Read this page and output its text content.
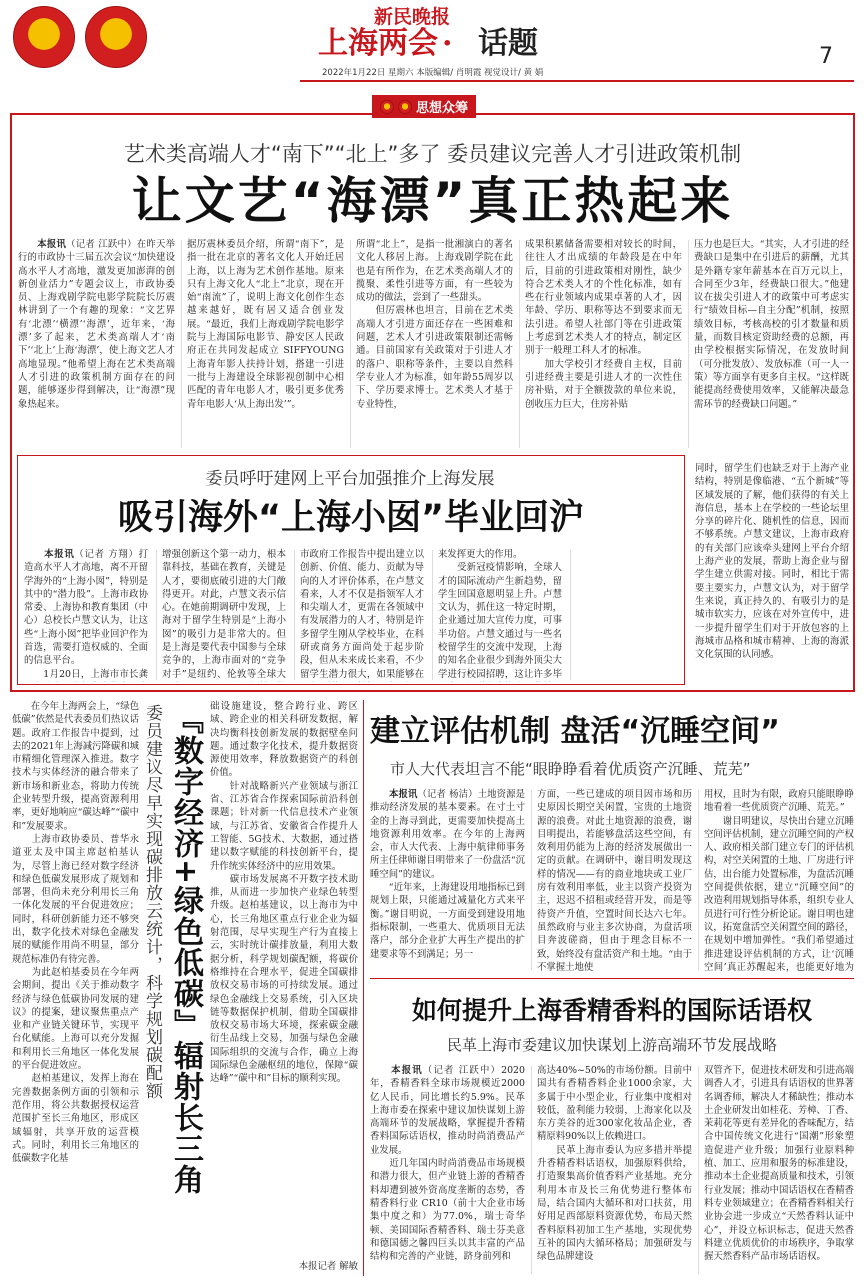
新民晚报
上海两会 · 话题	7
2022年1月22日 星期六 本版编辑/ 肖明霞 视觉设计/ 黄 娟
思想众筹
艺术类高端人才“南下”“北上”多了 委员建议完善人才引进政策机制
让文艺“海漂”真正热起来
　　本报讯（记者 江跃中）在昨天举行的市政协十三届五次会议“加快建设高水平人才高地，激发更加澎湃的创新创业活力”专题会议上，市政协委员、上海戏剧学院电影学院院长厉震林讲到了一个有趣的现象：“文艺界有‘北漂’‘横漂’‘海漂’，近年来，‘海漂’多了起来，艺术类高端人才‘南下’‘北上’上海‘海漂’，使上海文艺人才高地显现。”他希望上海在艺术类高端人才引进的政策机制方面存在的问题，能够逐步得到解决，让“海漂”现象热起来。
据厉震林委员介绍，所谓“南下”，是指一批在北京的著名文化人开始迁居上海，以上海为艺术创作基地。原来只有上海文化人“北上”北京，现在开始“南流”了，说明上海文化创作生态越来越好，既有居又适合创业发展。“最近，我们上海戏剧学院电影学院与上海国际电影节、静安区人民政府正在共同发起成立 SIFFYOUNG 上海青年影人扶持计划，搭建一引进一批与上海建设全球影视创制中心相匹配的青年电影人才，吸引更多优秀青年电影人‘从上海出发’”。
所谓“北上”，是指一批湘演白的著名文化人移居上海。上海戏剧学院在此也是有所作为，在艺术类高端人才的揽聚、柔性引进等方面，有一些较为成功的做法，尝到了一些甜头。
　　但厉震林也坦言，目前在艺术类高端人才引进方面还存在一些困难和问题，艺术人才引进政策限制还需畅通。目前国家有关政策对于引进人才的落户、职称等条件，主要以自然科学专业人才为标准，如年龄55周岁以下、学历要求博士。艺术类人才基于专业特性，
成果积累储备需要相对较长的时间，往往人才出成绩的年龄段是在中年后，目前的引进政策相对刚性，缺少符合艺术类人才的个性化标准，如有些在行业领域内成果卓著的人才，因年龄、学历、职称等达不到要求而无法引进。希望人社部门等在引进政策上考虑到艺术类人才的特点，制定区别于一般理工科人才的标准。
　　加大学校引才经费自主权，目前引进经费主要是引进人才的一次性住房补贴，对于全额拨款的单位来说，创收压力巨大，住房补贴
压力也是巨大。“其实，人才引进的经费缺口是集中在引进后的薪酬，尤其是外籍专家年薪基本在百万元以上，合同至少3年，经费缺口很大。”他建议在拔尖引进人才的政策中可考虑实行“绩效目标—自主分配”机制，按照绩效目标，考核高校的引才数量和质量，而数目核定资助经费的总额，再由学校根据实际情况，在发放时间（可分批发放）、发放标准（可一人一策）等方面享有更多自主权。“这样既能提高经费使用效率，又能解决最急需环节的经费缺口问题。”
委员呼吁建网上平台加强推介上海发展
吸引海外“上海小囡”毕业回沪
　　本报讯（记者 方翔）打造高水平人才高地，离不开留学海外的“上海小囡”，特别是其中的“潜力股”。上海市政协常委、上海协和教育集团（中心）总校长卢慧文认为，让这些“上海小囡”把毕业回沪作为首选，需要打造权威的、全面的信息平台。
　　1月20日，上海市市长龚
增强创新这个第一动力，根本靠科技，基础在教育，关键是人才，要彻底破引进的大门敞得更开。对此，卢慧文表示信心。在她前期调研中发现，上海对于留学生特别是“上海小囡”的吸引力是非常大的。但是上海是要代表中国参与全球竞争的，上海市面对的“竞争对手”是纽约、伦敦等全球大
市政府工作报告中提出建立以创新、价值、能力、贡献为导向的人才评价体系，在卢慧文看来，人才不仅是指领军人才和尖端人才，更需在各领域中有发展潜力的人才，特别是许多留学生刚从学校毕业，在科研或商务方面尚处于起步阶段，但从未来成长来看，不少留学生潜力很大，如果能够在
来发挥更大的作用。
　　受新冠疫情影响，全球人才的国际流动产生新趋势，留学生回国意愿明显上升。卢慧文认为，抓住这一特定时期，企业通过加大宣传力度，可事半功倍。卢慧文通过与一些名校留学生的交流中发现，上海的知名企业很少到海外顶尖大学进行校园招聘，这让许多毕
同时，留学生们也缺乏对于上海产业结构，特别是像临港、“五个新城”等区域发展的了解，他们获得的有关上海信息，基本上在学校的一些论坛里分享的碎片化、随机性的信息，因而不够系统。卢慧文建议，上海市政府的有关部门应该牵头建网上平台介绍上海产业的发展，帮助上海企业与留学生建立供需对接。同时，相比于需要主要实力，卢慧文认为，对于留学生来说，真正持久的、有吸引力的是城市软实力，应该在对外宣传中，进一步提升留学生们对于开放包容的上海城市品格和城市精神、上海的海派文化氛围的认同感。
　　在今年上海两会上，“绿色低碳”依然是代表委员们热议话题。政府工作报告中提到，过去的2021年上海减污降碳和城市精细化管理深入推进。数字技术与实体经济的融合带来了新市场和新业态，将助力传统企业转型升级，提高资源利用率，更好地响应“碳达峰”“碳中和”发展要求。
　　上海市政协委员、普华永道亚太及中国主席赵柏基认为，尽管上海已经对数字经济和绿色低碳发展形成了规划和部署，但尚未充分利用长三角一体化发展的平台促进效应；同时，科研创新能力还不够突出，数字化技术对绿色金融发展的赋能作用尚不明显，部分规范标准仍有待完善。
　　为此赵柏基委员在今年两会期间，提出《关于推动数字经济与绿色低碳协同发展的建议》的提案，建议聚焦重点产业和产业链关键环节，实现平台化赋能。上海可以充分发掘和利用长三角地区一体化发展的平台促进效应。
　　赵柏基建议，发挥上海在完善数据条例方面的引领和示范作用，将公共数据授权运营范围扩至长三角地区，形成区域辐射，共享开放的运营模式。同时，利用长三角地区的低碳数字化基
委员建议尽早实现碳排放云统计，科学规划碳配额 『数字经济+绿色低碳』辐射长三角 础设施建设，整合跨行业、跨区域、跨企业的相关科研发数据，解决均衡科技创新发展的数据壁垒问题。通过数字化技术，提升数据资源使用效率，释放数据资产的科创价值。
　　针对战略新兴产业领域与浙江省、江苏省合作探索国际前沿科创课题；针对新一代信息技术产业领域，与江苏省、安徽省合作提升人工智能、5G技术、大数据，通过搭建以数字赋能的科技创新平台，提升作统实体经济中的应用效果。
　　碳市场发展离不开数字技术助推，从而进一步加快产业绿色转型升级。赵柏基建议，以上海市为中心，长三角地区重点行业企业为辐射范围，尽早实现生产行为直接上云，实时统计碳排放量，利用大数据分析，科学规划碳配额，将碳价格维持在合理水平，促进全国碳排放权交易市场的可持续发展。通过绿色金融线上交易系统，引入区块链等数据保护机制，借助全国碳排放权交易市场大环境，探索碳金融衍生品线上交易，加强与绿色金融国际组织的交流与合作，确立上海国际绿色金融枢纽的地位，保障“碳达峰”“碳中和”目标的顺利实现。
本报记者 解敏
建立评估机制 盘活“沉睡空间”
市人大代表坦言不能“眼睁睁看着优质资产沉睡、荒芜”
　　本报讯（记者 杨洁）土地资源是推动经济发展的基本要素。在寸土寸金的上海寻到此，更需要加快提高土地资源利用效率。在今年的上海两会，市人大代表、上海中航律师事务所主任律师谢目明带来了一份盘活“沉睡空间”的建议。
　　“近年来，上海建设用地指标已到规划上限，只能通过减量化方式来平衡。”谢目明说，一方面受到建设用地指标限制，一些重大、优质项目无法落户，部分企业扩大再生产提出的扩建要求等不到满足；另一
方面，一些已建成的项目因市场和历史原因长期空关闲置，宝贵的土地资源的浪费。对此土地资源的浪费，谢目明提出，若能够盘活这些空间，有效利用仍能为上海的经济发展做出一定的贡献。在调研中，谢目明发现这样的情况——有的商业地块或工业厂房有效利用率低，业主以资产投资为主，迟迟不招租或经营开发，而是等待资产升值，空置时间长达六七年。虽然政府与业主多次协商，为盘活项目奔波磋商，但由于理念目标不一致，始终没有盘活资产和土地。“由于不掌握土地使
用权，且时为有限，政府只能眼睁睁地看着一些优质资产沉睡、荒芜。”
　　谢目明建议，尽快出台建立沉睡空间评估机制，建立沉睡空间的产权人、政府相关部门建立专门的评估机构，对空关闲置的土地、厂房进行评估，出台能力处置标准，为盘活沉睡空间提供依据，建立“沉睡空间”的改造利用规划指导体系，组织专业人员进行可行性分析论证。谢目明也建议，拓宽盘活空关闲置空间的路径，在规划中增加弹性。“我们希望通过推进建设评估机制的方式，让‘沉睡空间’真正苏醒起来，也能更好地为
如何提升上海香精香料的国际话语权
民革上海市委建议加快谋划上游高端环节发展战略
　　本报讯（记者 江跃中）2020年，香精香料全球市场规模近2000亿人民币，同比增长约5.9%。民革上海市委在探索中建议加快谋划上游高端环节的发展战略，掌握提升香精香料国际话语权，推动时尚消费品产业发展。
　　近几年国内时尚消费品市场规模和潜力很大，但产业链上游的香精香料却遭到被外资高度垄断的态势，香精香料行业 CR10（前十大企业市场集中度之和）为77.0%，瑞士奇华顿、美国国际香精香料、瑞士芬美意和德国德之馨四巨头以其丰富的产品结构和完善的产业链，跻身前列和
高达40%~50%的市场份额。目前中国共有香精香料企业1000余家，大多属于中小型企业，行业集中度相对较低，盈利能力较弱，上海家化以及东方美谷的近300家化妆品企业，香精原料90%以上依赖进口。
　　民革上海市委认为应多措并举提升香精香料话语权，加强原料供给，打造聚集高价值香料产业基地。充分利用本市及长三角优势进行整体布局，结合国内大循环和对口扶贫，用好用足西部原料资源优势，布局天然香料原料初加工生产基地，实现优势互补的国内大循环格局；加强研发与绿色品牌建设
双管齐下，促进技术研发和引进高端调香人才，引进具有话语权的世界著名调香师，解决人才稀缺性；推动本土企业研发出如桂花、芳樟、丁香、茉莉花等更有差异化的香味配方，结合中国传统文化进行“国潮”形象塑造促进产业升级；加强行业原料种植、加工、应用和服务的标准建设，推动本土企业提高质量和技术，引领行业发展；推动中国话语权在香精香料专业领域建立；在香精香料相关行业协会进一步成立“天然香料认证中心”，并设立标识标志，促进天然香料建立优质优价的市场秩序，争取掌握天然香料产品市场话语权。
